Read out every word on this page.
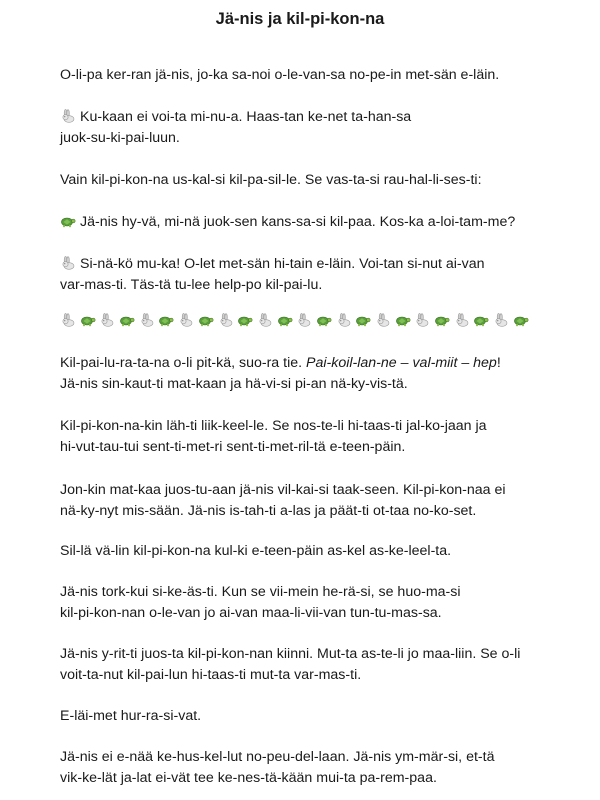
Jä-nis ja kil-pi-kon-na

O-li-pa ker-ran jä-nis, jo-ka sa-noi o-le-van-sa no-pe-in met-sän e-läin.

Ku-kaan ei voi-ta mi-nu-a. Haas-tan ke-net ta-han-sa
juok-su-ki-pai-luun.

Vain kil-pi-kon-na us-kal-si kil-pa-sil-le. Se vas-ta-si rau-hal-li-ses-ti:

Jä-nis hy-vä, mi-nä juok-sen kans-sa-si kil-paa. Kos-ka a-loi-tam-me?

Si-nä-kö mu-ka! O-let met-sän hi-tain e-läin. Voi-tan si-nut ai-van
var-mas-ti. Täs-tä tu-lee help-po kil-pai-lu.

Kil-pai-lu-ra-ta-na o-li pit-kä, suo-ra tie. Pai-koil-lan-ne – val-miit – hep!
Jä-nis sin-kaut-ti mat-kaan ja hä-vi-si pi-an nä-ky-vis-tä.

Kil-pi-kon-na-kin läh-ti liik-keel-le. Se nos-te-li hi-taas-ti jal-ko-jaan ja
hi-vut-tau-tui sent-ti-met-ri sent-ti-met-ril-tä e-teen-päin.

Jon-kin mat-kaa juos-tu-aan jä-nis vil-kai-si taak-seen. Kil-pi-kon-naa ei
nä-ky-nyt mis-sään. Jä-nis is-tah-ti a-las ja päät-ti ot-taa no-ko-set.

Sil-lä vä-lin kil-pi-kon-na kul-ki e-teen-päin as-kel as-ke-leel-ta.

Jä-nis tork-kui si-ke-äs-ti. Kun se vii-mein he-rä-si, se huo-ma-si
kil-pi-kon-nan o-le-van jo ai-van maa-li-vii-van tun-tu-mas-sa.

Jä-nis y-rit-ti juos-ta kil-pi-kon-nan kiinni. Mut-ta as-te-li jo maa-liin. Se o-li
voit-ta-nut kil-pai-lun hi-taas-ti mut-ta var-mas-ti.

E-läi-met hur-ra-si-vat.

Jä-nis ei e-nää ke-hus-kel-lut no-peu-del-laan. Jä-nis ym-mär-si, et-tä
vik-ke-lät ja-lat ei-vät tee ke-nes-tä-kään mui-ta pa-rem-paa.
